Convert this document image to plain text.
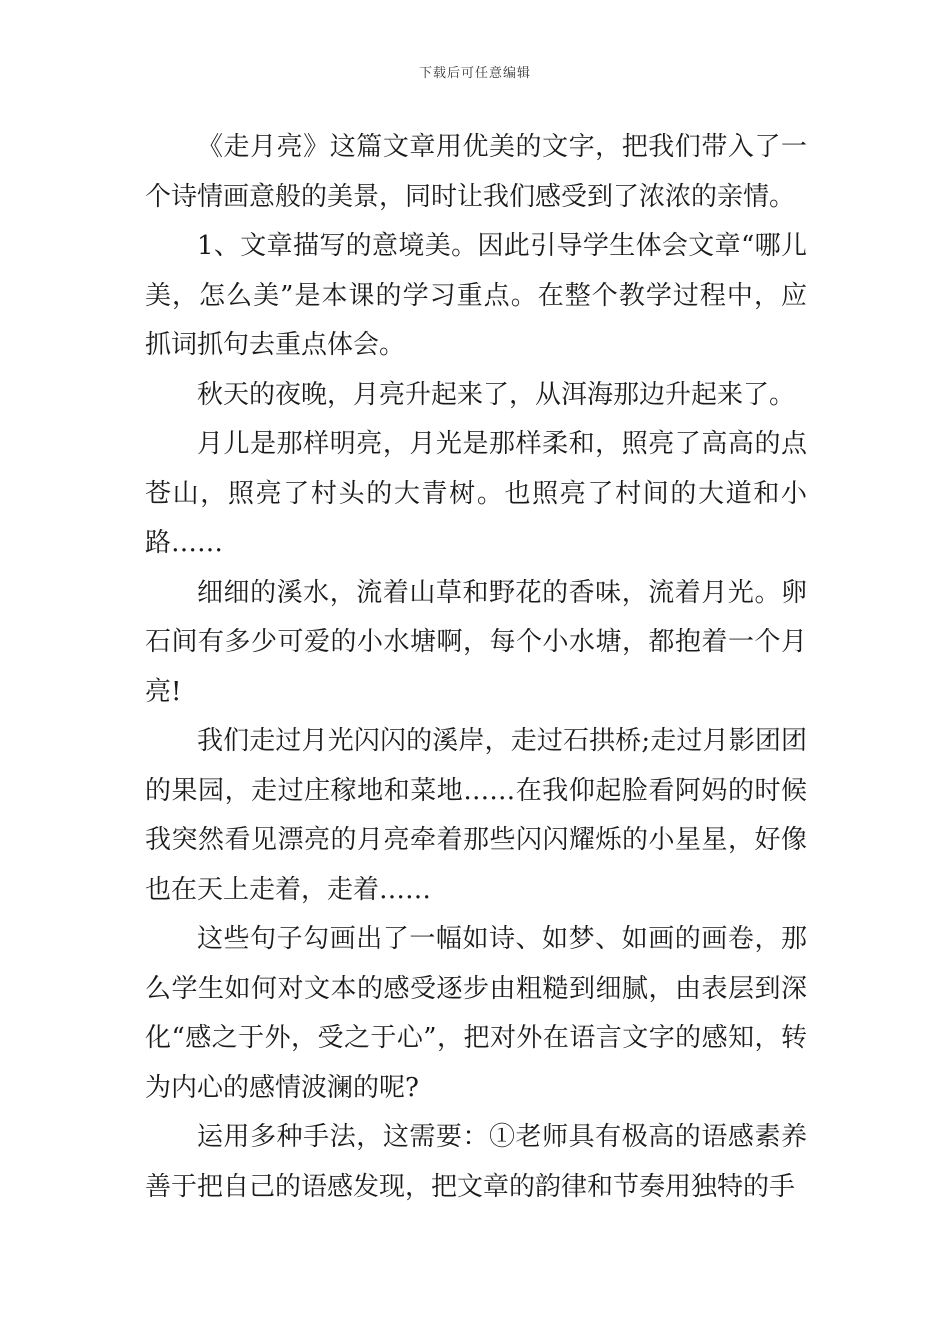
下载后可任意编辑

《走月亮》这篇文章用优美的文字，把我们带入了一个诗情画意般的美景，同时让我们感受到了浓浓的亲情。

1、文章描写的意境美。因此引导学生体会文章“哪儿美，怎么美”是本课的学习重点。在整个教学过程中，应抓词抓句去重点体会。

秋天的夜晚，月亮升起来了，从洱海那边升起来了。

月儿是那样明亮，月光是那样柔和，照亮了高高的点苍山，照亮了村头的大青树。也照亮了村间的大道和小路……

细细的溪水，流着山草和野花的香味，流着月光。卵石间有多少可爱的小水塘啊，每个小水塘，都抱着一个月亮!

我们走过月光闪闪的溪岸，走过石拱桥;走过月影团团的果园，走过庄稼地和菜地……在我仰起脸看阿妈的时候我突然看见漂亮的月亮牵着那些闪闪耀烁的小星星，好像也在天上走着，走着……

这些句子勾画出了一幅如诗、如梦、如画的画卷，那么学生如何对文本的感受逐步由粗糙到细腻，由表层到深化“感之于外，受之于心”，把对外在语言文字的感知，转为内心的感情波澜的呢?

运用多种手法，这需要：①老师具有极高的语感素养善于把自己的语感发现，把文章的韵律和节奏用独特的手
